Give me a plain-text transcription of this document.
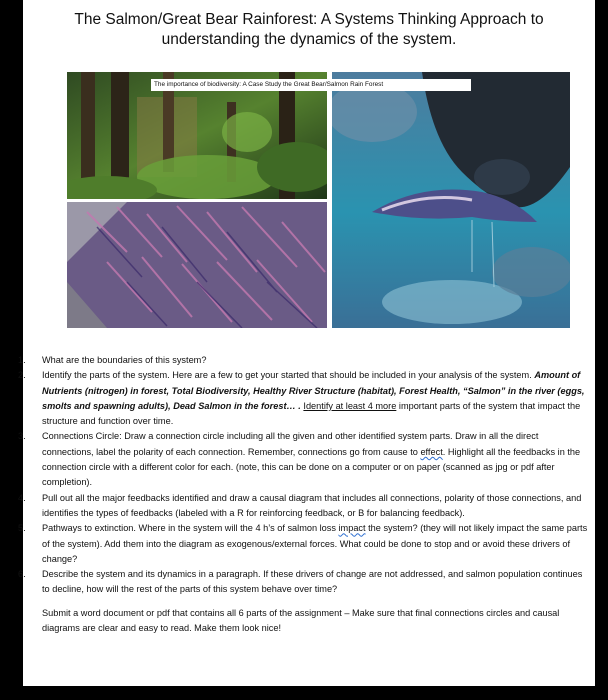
The Salmon/Great Bear Rainforest: A Systems Thinking Approach to
understanding the dynamics of the system.
The importance of biodiversity: A Case Study the Great Bear/Salmon Rain Forest
1. What are the boundaries of this system?
2. Identify the parts of the system. Here are a few to get your started that should be included in your analysis of the system. Amount of Nutrients (nitrogen) in forest, Total Biodiversity, Healthy River Structure (habitat), Forest Health, “Salmon” in the river (eggs, smolts and spawning adults), Dead Salmon in the forest… . Identify at least 4 more important parts of the system that impact the structure and function over time.
3. Connections Circle: Draw a connection circle including all the given and other identified system parts. Draw in all the direct connections, label the polarity of each connection. Remember, connections go from cause to effect. Highlight all the feedbacks in the connection circle with a different color for each. (note, this can be done on a computer or on paper (scanned as jpg or pdf after completion).
4. Pull out all the major feedbacks identified and draw a causal diagram that includes all connections, polarity of those connections, and identifies the types of feedbacks (labeled with a R for reinforcing feedback, or B for balancing feedback).
5. Pathways to extinction. Where in the system will the 4 h’s of salmon loss impact the system? (they will not likely impact the same parts of the system). Add them into the diagram as exogenous/external forces. What could be done to stop and or avoid these drivers of change?
6. Describe the system and its dynamics in a paragraph. If these drivers of change are not addressed, and salmon population continues to decline, how will the rest of the parts of this system behave over time?
Submit a word document or pdf that contains all 6 parts of the assignment – Make sure that final connections circles and causal diagrams are clear and easy to read. Make them look nice!
